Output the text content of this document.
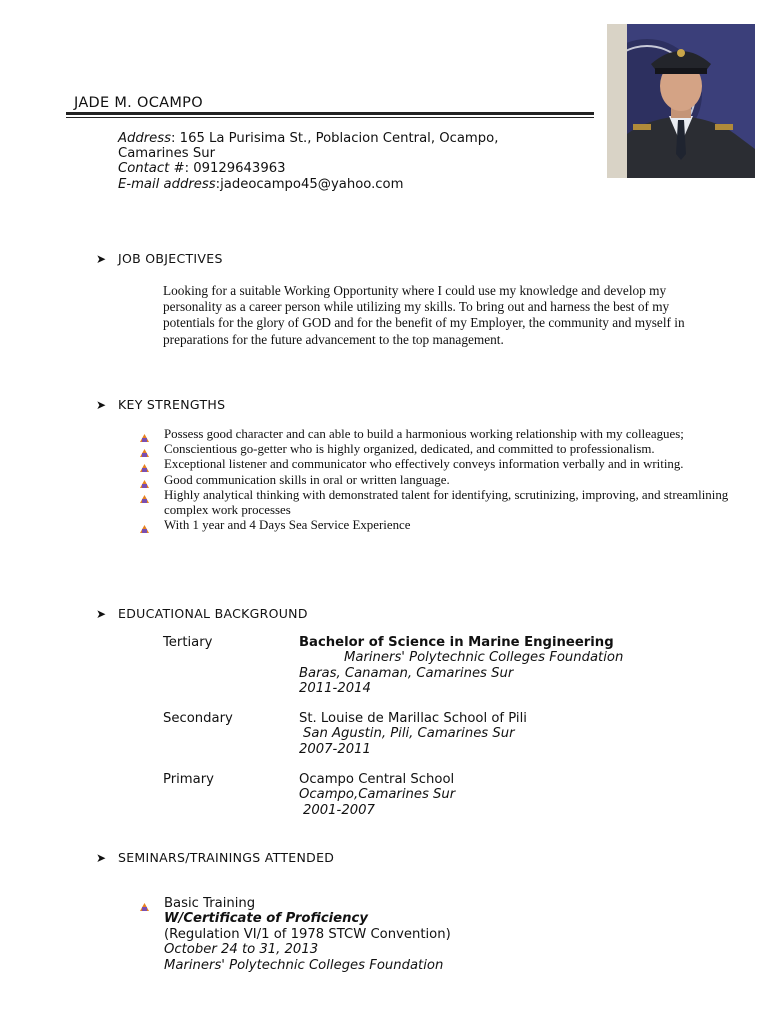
JADE M. OCAMPO
Address: 165 La Purisima St., Poblacion Central, Ocampo,
Camarines Sur
Contact #: 09129643963
E-mail address:jadeocampo45@yahoo.com
➤ JOB OBJECTIVES
Looking for a suitable Working Opportunity where I could use my knowledge and develop my personality as a career person while utilizing my skills. To bring out and harness the best of my potentials for the glory of GOD and for the benefit of my Employer, the community and myself in preparations for the future advancement to the top management.
➤ KEY STRENGTHS
Possess good character and can able to build a harmonious working relationship with my colleagues;
Conscientious go-getter who is highly organized, dedicated, and committed to professionalism.
Exceptional listener and communicator who effectively conveys information verbally and in writing.
Good communication skills in oral or written language.
Highly analytical thinking with demonstrated talent for identifying, scrutinizing, improving, and streamlining complex work processes
With 1 year and 4 Days Sea Service Experience
➤ EDUCATIONAL BACKGROUND
Tertiary	Bachelor of Science in Marine Engineering
Mariners' Polytechnic Colleges Foundation
Baras, Canaman, Camarines Sur
2011-2014
Secondary	St. Louise de Marillac School of Pili
San Agustin, Pili, Camarines Sur
2007-2011
Primary	Ocampo Central School
Ocampo,Camarines Sur
2001-2007
➤ SEMINARS/TRAININGS ATTENDED
Basic Training
W/Certificate of Proficiency
(Regulation VI/1 of 1978 STCW Convention)
October 24 to 31, 2013
Mariners' Polytechnic Colleges Foundation
